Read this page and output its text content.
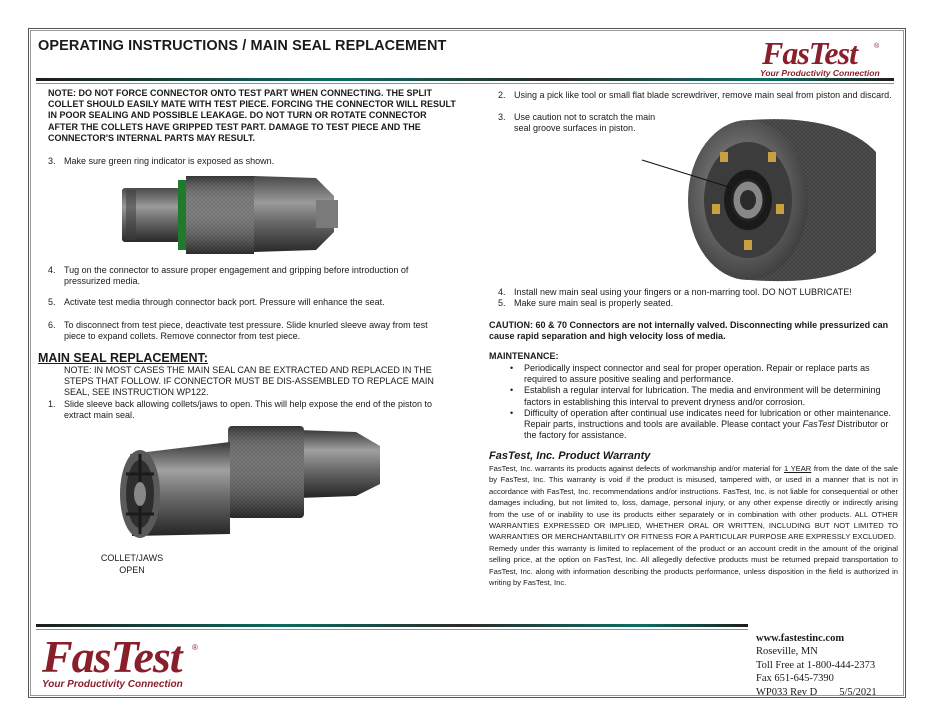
OPERATING INSTRUCTIONS / MAIN SEAL REPLACEMENT	FasTest	®
Your Productivity Connection
NOTE: DO NOT FORCE CONNECTOR ONTO TEST PART WHEN CONNECTING. THE SPLIT COLLET SHOULD EASILY MATE WITH TEST PIECE. FORCING THE CONNECTOR WILL RESULT IN POOR SEALING AND POSSIBLE LEAKAGE. DO NOT TURN OR ROTATE CONNECTOR AFTER THE COLLETS HAVE GRIPPED TEST PART. DAMAGE TO TEST PIECE AND THE CONNECTOR'S INTERNAL PARTS MAY RESULT.
3. Make sure green ring indicator is exposed as shown.
4. Tug on the connector to assure proper engagement and gripping before introduction of pressurized media.
5. Activate test media through connector back port. Pressure will enhance the seat.
6. To disconnect from test piece, deactivate test pressure. Slide knurled sleeve away from test piece to expand collets. Remove connector from test piece.
MAIN SEAL REPLACEMENT:
NOTE: IN MOST CASES THE MAIN SEAL CAN BE EXTRACTED AND REPLACED IN THE STEPS THAT FOLLOW. IF CONNECTOR MUST BE DIS-ASSEMBLED TO REPLACE MAIN SEAL, SEE INSTRUCTION WP122.
1. Slide sleeve back allowing collets/jaws to open. This will help expose the end of the piston to extract main seal.
COLLET/JAWS
OPEN
2. Using a pick like tool or small flat blade screwdriver, remove main seal from piston and discard.
3. Use caution not to scratch the main seal groove surfaces in piston.
4. Install new main seal using your fingers or a non-marring tool. DO NOT LUBRICATE!
5. Make sure main seal is properly seated.
CAUTION: 60 & 70 Connectors are not internally valved. Disconnecting while pressurized can cause rapid separation and high velocity loss of media.
MAINTENANCE:
• Periodically inspect connector and seal for proper operation. Repair or replace parts as required to assure positive sealing and performance.
• Establish a regular interval for lubrication. The media and environment will be determining factors in establishing this interval to prevent dryness and/or corrosion.
• Difficulty of operation after continual use indicates need for lubrication or other maintenance. Repair parts, instructions and tools are available. Please contact your FasTest Distributor or the factory for assistance.
FasTest, Inc. Product Warranty
FasTest, Inc. warrants its products against defects of workmanship and/or material for 1 YEAR from the date of the sale by FasTest, Inc. This warranty is void if the product is misused, tampered with, or used in a manner that is not in accordance with FasTest, Inc. recommendations and/or instructions. FasTest, Inc. is not liable for consequential or other damages including, but not limited to, loss, damage, personal injury, or any other expense directly or indirectly arising from the use of or inability to use its products either separately or in combination with other products. ALL OTHER WARRANTIES EXPRESSED OR IMPLIED, WHETHER ORAL OR WRITTEN, INCLUDING BUT NOT LIMITED TO WARRANTIES OR MERCHANTABILITY OR FITNESS FOR A PARTICULAR PURPOSE ARE EXPRESSLY EXCLUDED.
Remedy under this warranty is limited to replacement of the product or an account credit in the amount of the original selling price, at the option on FasTest, Inc. All allegedly defective products must be returned prepaid transportation to FasTest, Inc. along with information describing the products performance, unless disposition in the field is authorized in writing by FasTest, Inc.
FasTest ®
Your Productivity Connection
www.fastestinc.com
Roseville, MN
Toll Free at 1-800-444-2373
Fax 651-645-7390
WP033 Rev D 5/5/2021
